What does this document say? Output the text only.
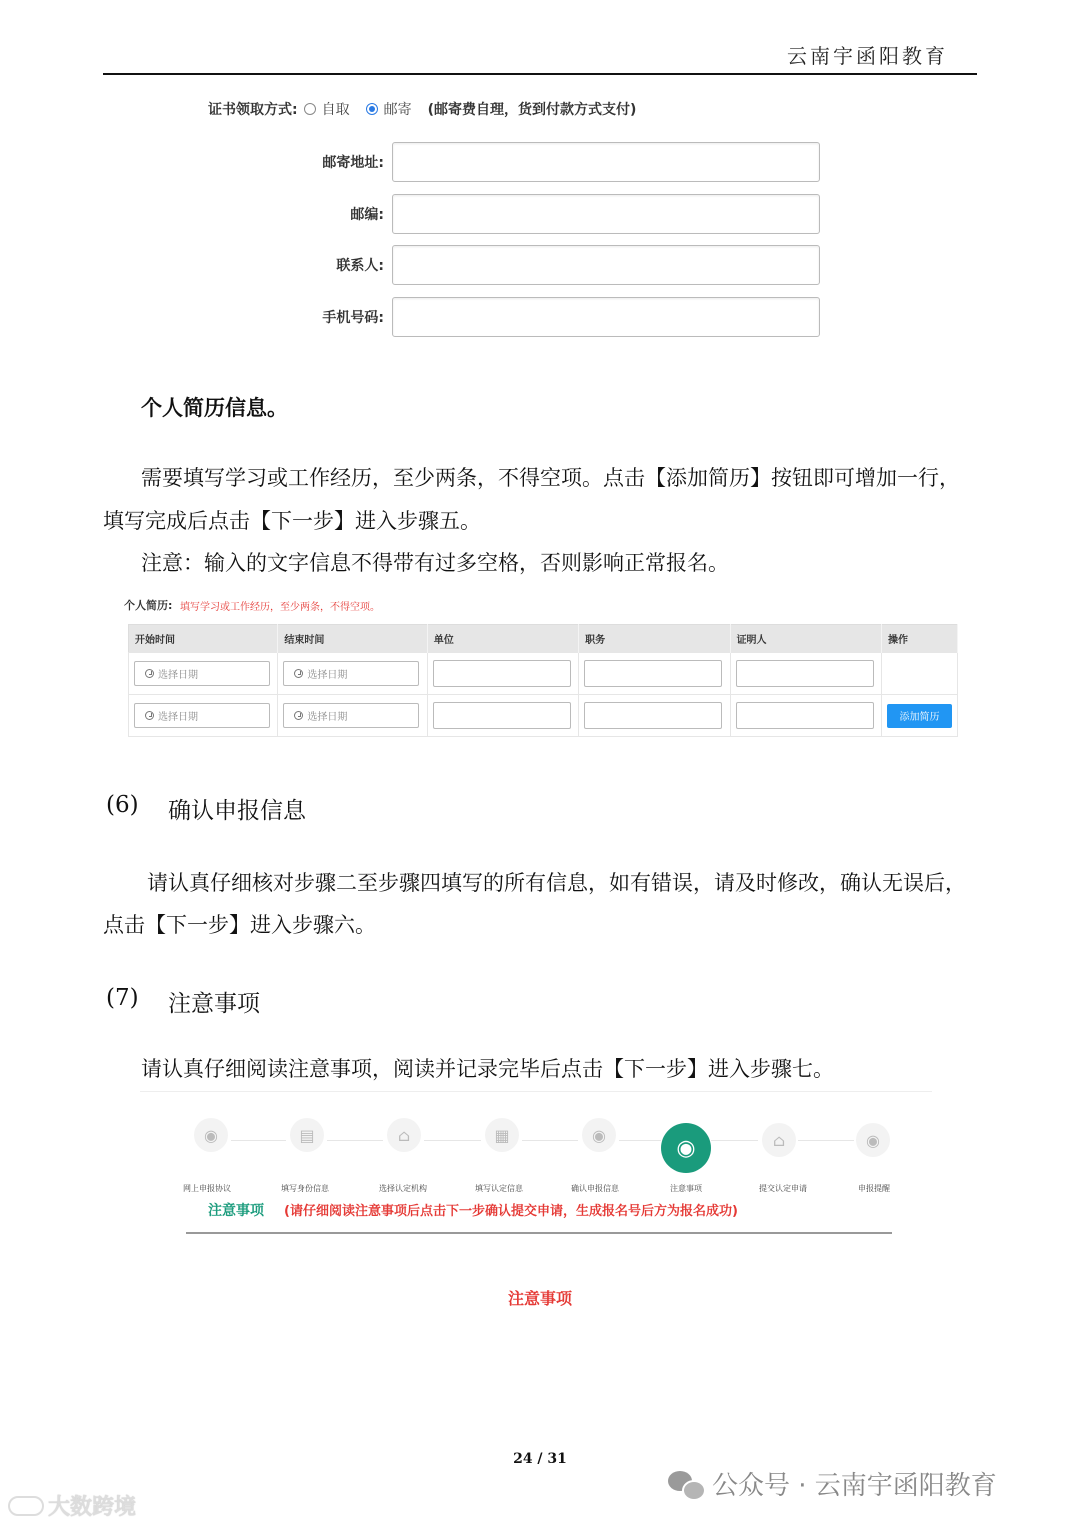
云南宇函阳教育
证书领取方式: 自取 邮寄 (邮寄费自理，货到付款方式支付)
邮寄地址:
邮编:
联系人:
手机号码:
个人简历信息。
需要填写学习或工作经历，至少两条，不得空项。点击【添加简历】按钮即可增加一行，
填写完成后点击【下一步】进入步骤五。
注意：输入的文字信息不得带有过多空格，否则影响正常报名。
个人简历: 填写学习或工作经历，至少两条，不得空项。
开始时间	结束时间	单位	职务	证明人	操作

选择日期	选择日期				

选择日期	选择日期				添加简历
(6) 确认申报信息
请认真仔细核对步骤二至步骤四填写的所有信息，如有错误，请及时修改，确认无误后，
点击【下一步】进入步骤六。
(7) 注意事项
请认真仔细阅读注意事项，阅读并记录完毕后点击【下一步】进入步骤七。
◉	▤	⌂	▦	◉
◉	⌂	◉
网上申报协议	填写身份信息	选择认定机构	填写认定信息	确认申报信息	注意事项	提交认定申请	申报提醒
注意事项 (请仔细阅读注意事项后点击下一步确认提交申请，生成报名号后方为报名成功)
注意事项
24 / 31
公众号 · 云南宇函阳教育
大数跨境
